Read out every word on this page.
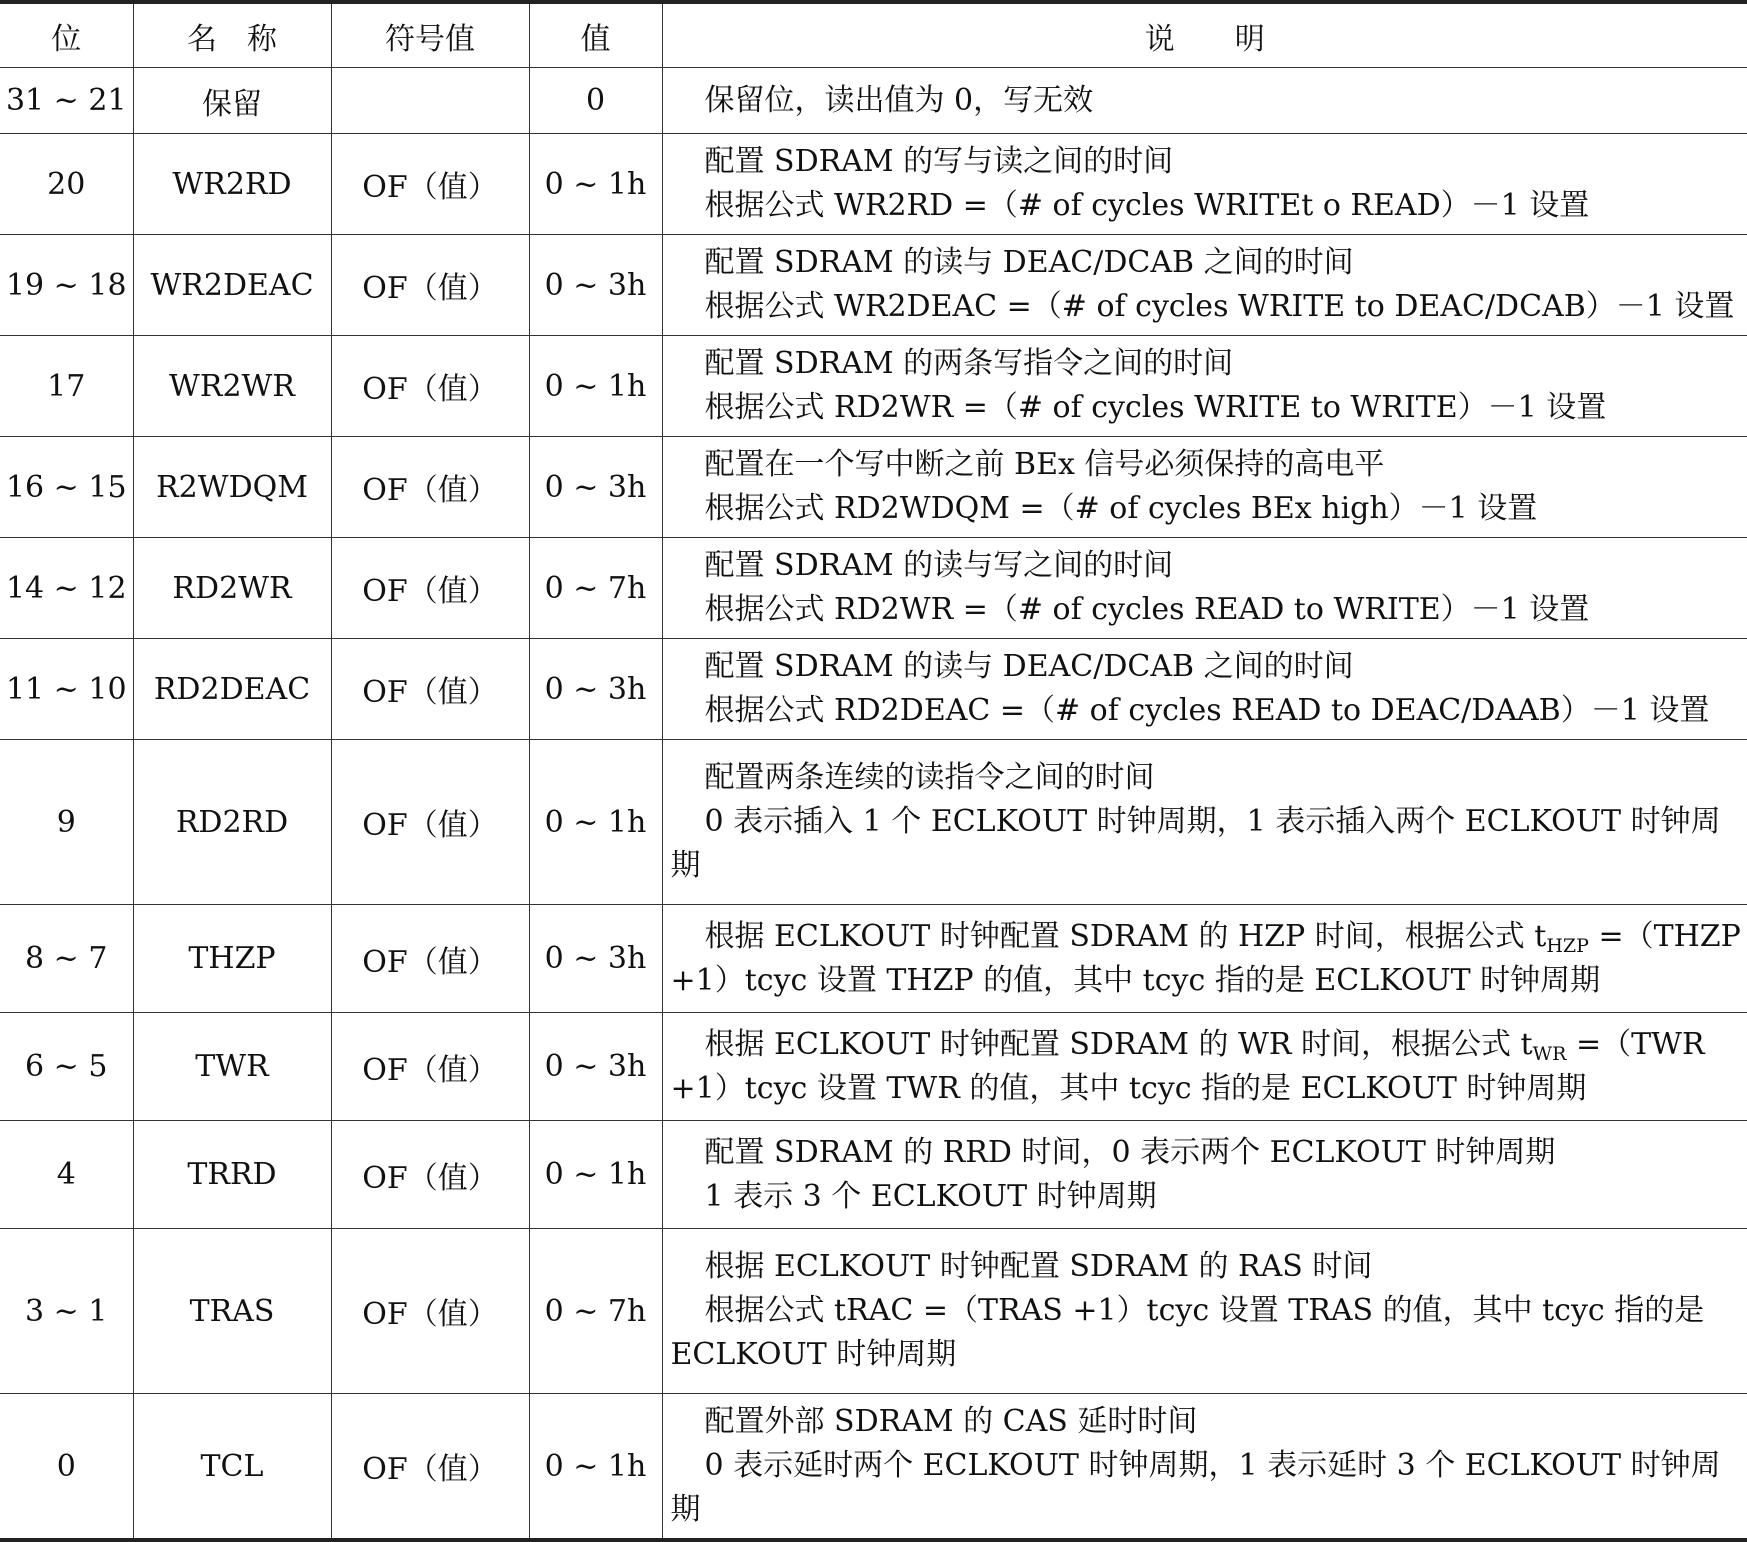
位	名　称	符号值	值	说　　明
31 ~ 21	保留		0	保留位，读出值为 0，写无效

20	WR2RD	OF（值）	0 ~ 1h	配置 SDRAM 的写与读之间的时间
根据公式 WR2RD =（# of cycles WRITEt o READ）－1 设置

19 ~ 18	WR2DEAC	OF（值）	0 ~ 3h	配置 SDRAM 的读与 DEAC/DCAB 之间的时间
根据公式 WR2DEAC =（# of cycles WRITE to DEAC/DCAB）－1 设置

17	WR2WR	OF（值）	0 ~ 1h	配置 SDRAM 的两条写指令之间的时间
根据公式 RD2WR =（# of cycles WRITE to WRITE）－1 设置

16 ~ 15	R2WDQM	OF（值）	0 ~ 3h	配置在一个写中断之前 BEx 信号必须保持的高电平
根据公式 RD2WDQM =（# of cycles BEx high）－1 设置

14 ~ 12	RD2WR	OF（值）	0 ~ 7h	配置 SDRAM 的读与写之间的时间
根据公式 RD2WR =（# of cycles READ to WRITE）－1 设置

11 ~ 10	RD2DEAC	OF（值）	0 ~ 3h	配置 SDRAM 的读与 DEAC/DCAB 之间的时间
根据公式 RD2DEAC =（# of cycles READ to DEAC/DAAB）－1 设置

9	RD2RD	OF（值）	0 ~ 1h	配置两条连续的读指令之间的时间
0 表示插入 1 个 ECLKOUT 时钟周期，1 表示插入两个 ECLKOUT 时钟周期

8 ~ 7	THZP	OF（值）	0 ~ 3h	根据 ECLKOUT 时钟配置 SDRAM 的 HZP 时间，根据公式 $t_{HZP}$ =（THZP +1）tcyc 设置 THZP 的值，其中 tcyc 指的是 ECLKOUT 时钟周期

6 ~ 5	TWR	OF（值）	0 ~ 3h	根据 ECLKOUT 时钟配置 SDRAM 的 WR 时间，根据公式 $t_{WR} =(TWR$ +1）tcyc 设置 TWR 的值，其中 tcyc 指的是 ECLKOUT 时钟周期

4	TRRD	OF（值）	0 ~ 1h	配置 SDRAM 的 RRD 时间，0 表示两个 ECLKOUT 时钟周期
1 表示 3 个 ECLKOUT 时钟周期

3 ~ 1	TRAS	OF（值）	0 ~ 7h	根据 ECLKOUT 时钟配置 SDRAM 的 RAS 时间
根据公式 tRAC =（TRAS +1）tcyc 设置 TRAS 的值，其中 tcyc 指的是 ECLKOUT 时钟周期

0	TCL	OF（值）	0 ~ 1h	配置外部 SDRAM 的 CAS 延时时间
0 表示延时两个 ECLKOUT 时钟周期，1 表示延时 3 个 ECLKOUT 时钟周期
